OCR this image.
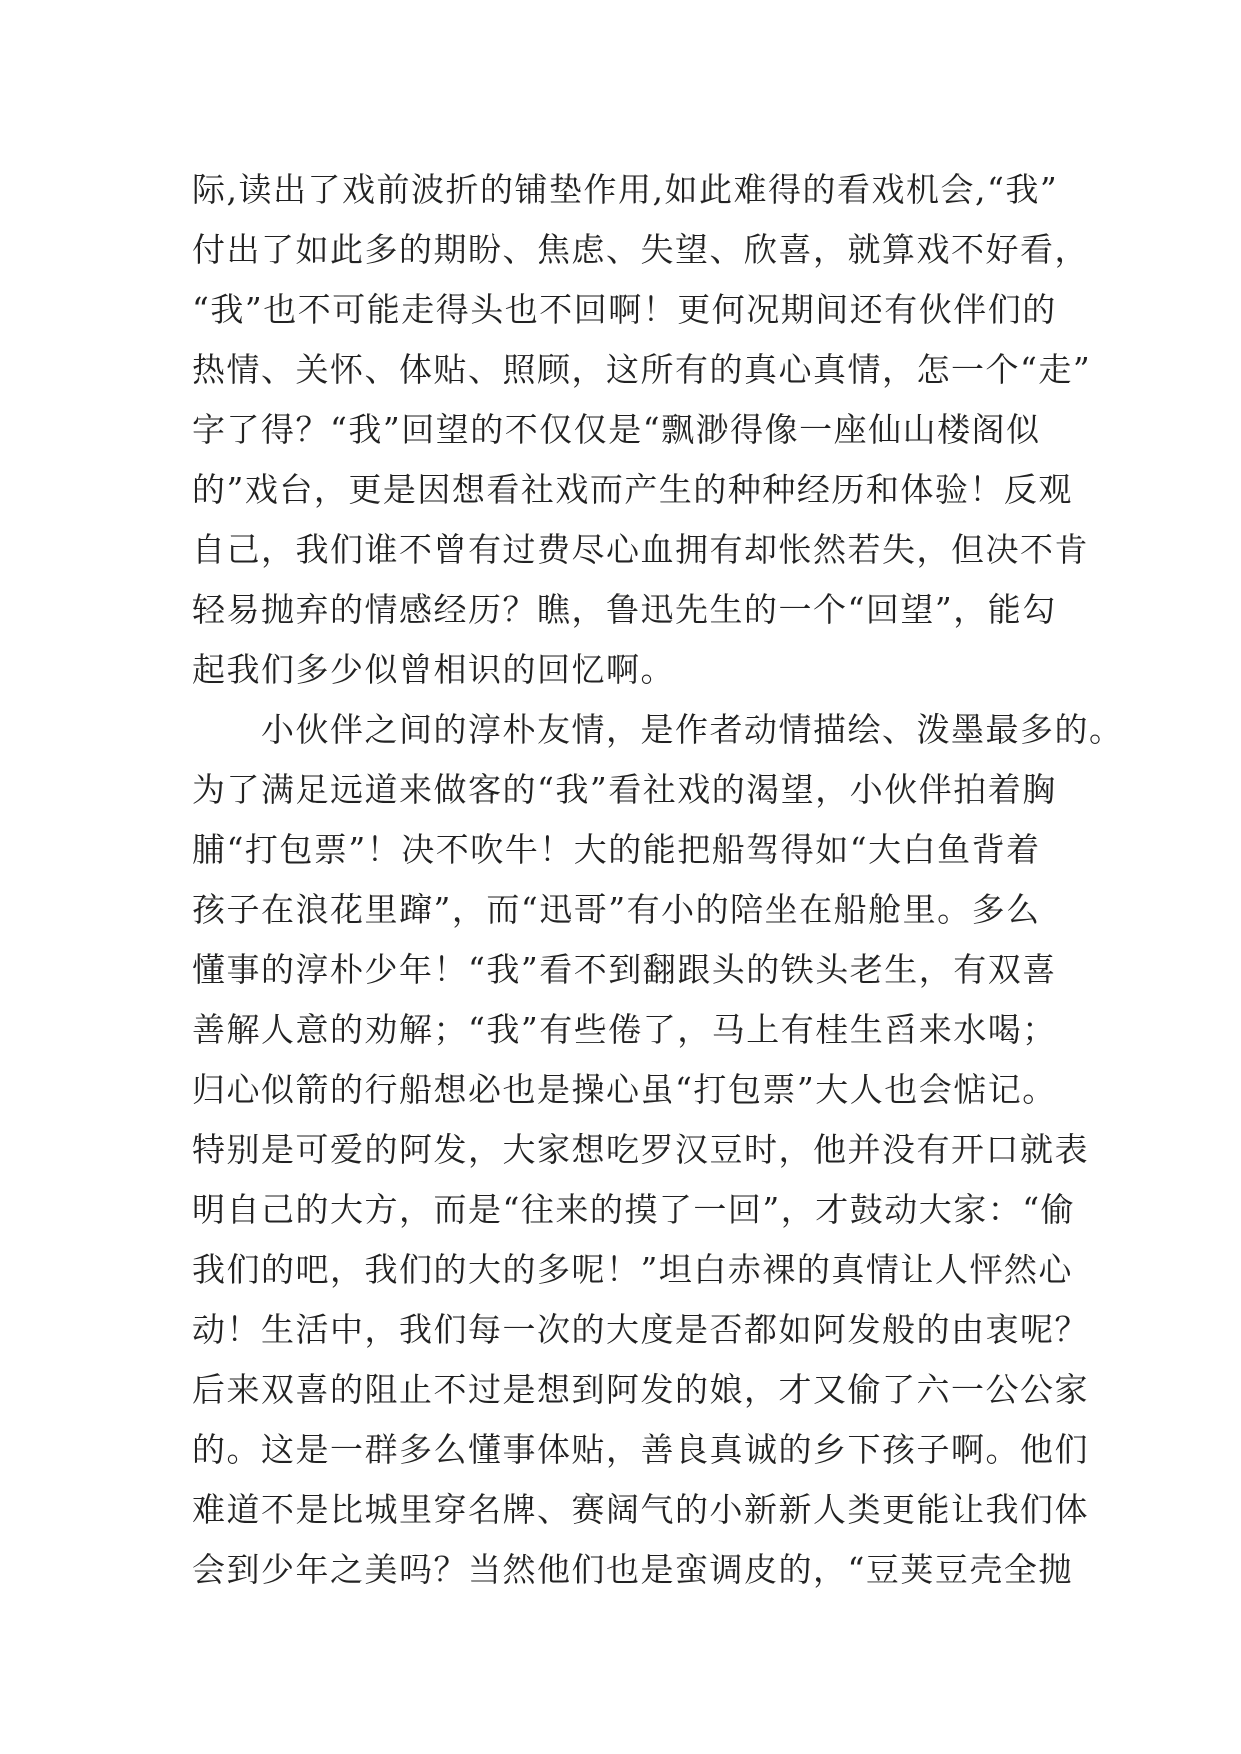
际,读出了戏前波折的铺垫作用,如此难得的看戏机会,“我”
付出了如此多的期盼、焦虑、失望、欣喜，就算戏不好看，
“我”也不可能走得头也不回啊！更何况期间还有伙伴们的
热情、关怀、体贴、照顾，这所有的真心真情，怎一个“走”
字了得？“我”回望的不仅仅是“飘渺得像一座仙山楼阁似
的”戏台，更是因想看社戏而产生的种种经历和体验！反观
自己，我们谁不曾有过费尽心血拥有却怅然若失，但决不肯
轻易抛弃的情感经历？瞧，鲁迅先生的一个“回望”，能勾
起我们多少似曾相识的回忆啊。
　　小伙伴之间的淳朴友情，是作者动情描绘、泼墨最多的。
为了满足远道来做客的“我”看社戏的渴望，小伙伴拍着胸
脯“打包票”！决不吹牛！大的能把船驾得如“大白鱼背着
孩子在浪花里蹿”，而“迅哥”有小的陪坐在船舱里。多么
懂事的淳朴少年！“我”看不到翻跟头的铁头老生，有双喜
善解人意的劝解；“我”有些倦了，马上有桂生舀来水喝；
归心似箭的行船想必也是操心虽“打包票”大人也会惦记。
特别是可爱的阿发，大家想吃罗汉豆时，他并没有开口就表
明自己的大方，而是“往来的摸了一回”，才鼓动大家：“偷
我们的吧，我们的大的多呢！”坦白赤裸的真情让人怦然心
动！生活中，我们每一次的大度是否都如阿发般的由衷呢？
后来双喜的阻止不过是想到阿发的娘，才又偷了六一公公家
的。这是一群多么懂事体贴，善良真诚的乡下孩子啊。他们
难道不是比城里穿名牌、赛阔气的小新新人类更能让我们体
会到少年之美吗？当然他们也是蛮调皮的，“豆荚豆壳全抛
